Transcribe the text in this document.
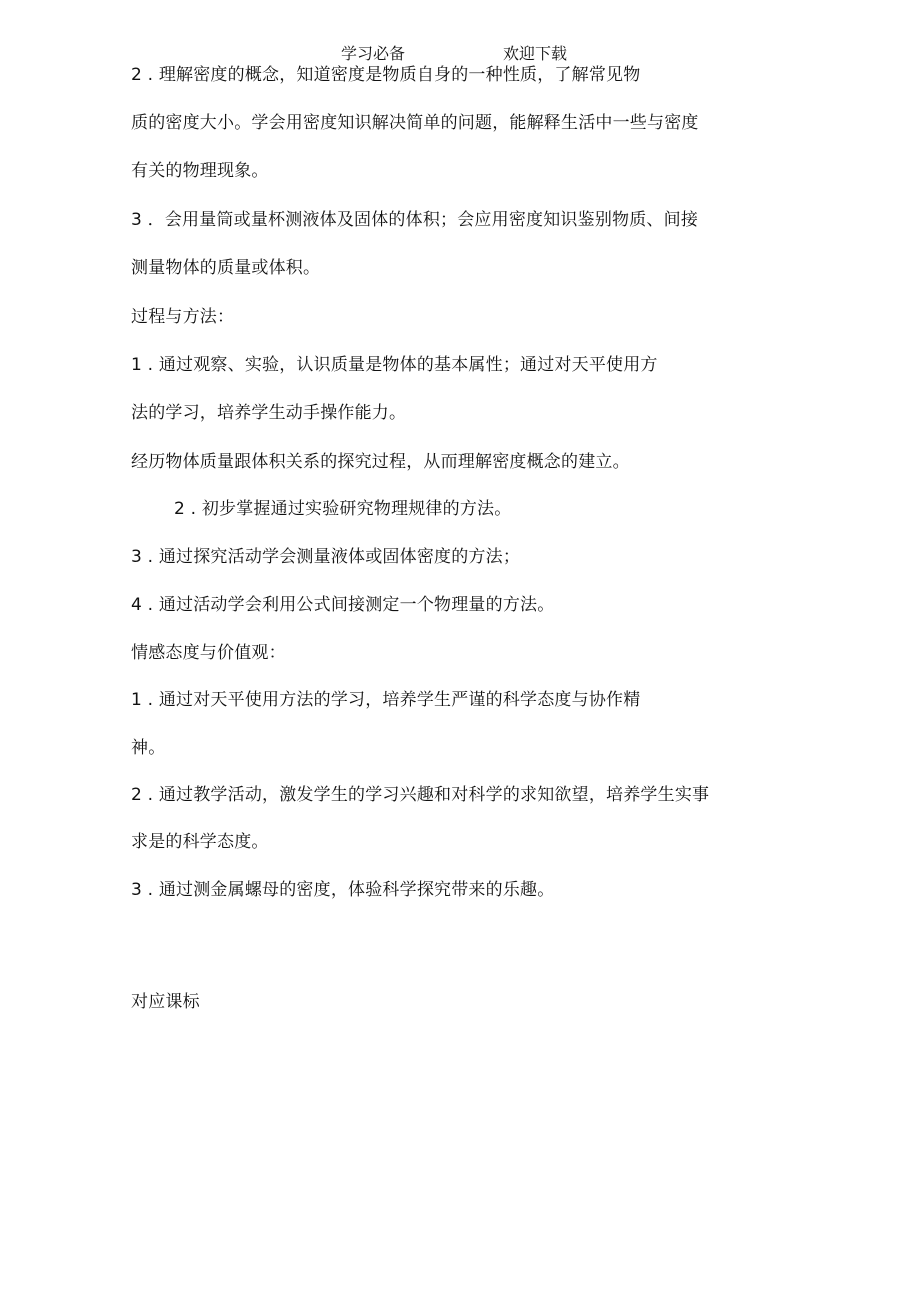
学习必备	欢迎下载
2 . 理解密度的概念，知道密度是物质自身的一种性质，了解常见物
质的密度大小。学会用密度知识解决简单的问题，能解释生活中一些与密度
有关的物理现象。
3 ．会用量筒或量杯测液体及固体的体积；会应用密度知识鉴别物质、间接
测量物体的质量或体积。
过程与方法：
1 . 通过观察、实验，认识质量是物体的基本属性；通过对天平使用方
法的学习，培养学生动手操作能力。
经历物体质量跟体积关系的探究过程，从而理解密度概念的建立。
2 . 初步掌握通过实验研究物理规律的方法。
3 . 通过探究活动学会测量液体或固体密度的方法；
4 . 通过活动学会利用公式间接测定一个物理量的方法。
情感态度与价值观：
1 . 通过对天平使用方法的学习，培养学生严谨的科学态度与协作精
神。
2 . 通过教学活动，激发学生的学习兴趣和对科学的求知欲望，培养学生实事
求是的科学态度。
3 . 通过测金属螺母的密度，体验科学探究带来的乐趣。
对应课标
